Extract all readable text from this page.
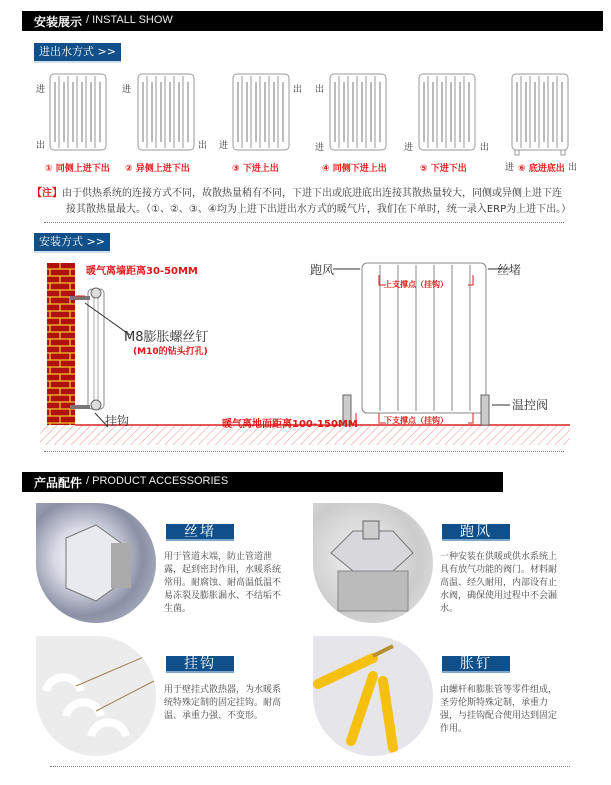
安装展示 / INSTALL SHOW
进出水方式 >>
进
出
进
出
出
进
出
进	进	出
进	出
① 同侧上进下出 ② 异侧上进下出	③ 下进上出	④ 同侧下进上出	⑤ 下进下出	⑥ 底进底出
【注】由于供热系统的连接方式不同，故散热量稍有不同，下进下出或底进底出连接其散热量较大，同侧或异侧上进下连
接其散热量最大。（①、②、③、④均为上进下出进出水方式的暖气片，我们在下单时，统一录入ERP为上进下出。）
安装方式 >>
暖气离墙距离30-50MM
M8膨胀螺丝钉
(M10的钻头打孔)
挂钩	暖气离地面距离100-150MM
跑风	丝堵
上支撑点（挂钩）
下支撑点（挂钩）
温控阀
产品配件 / PRODUCT ACCESSORIES
丝堵
用于管道末端，防止管道泄露，起到密封作用，水暖系统常用。耐腐蚀、耐高温低温不易冻裂及膨胀漏水、不结垢不生菌。
跑风
一种安装在供暖或供水系统上具有放气功能的阀门。材料耐高温、经久耐用，内部设有止水阀，确保使用过程中不会漏水。
挂钩
用于壁挂式散热器，为水暖系统特殊定制的固定挂钩。耐高温、承重力强、不变形。
胀钉
由螺杆和膨胀管等零件组成，圣劳伦斯特殊定制，承重力强，与挂钩配合使用达到固定作用。
